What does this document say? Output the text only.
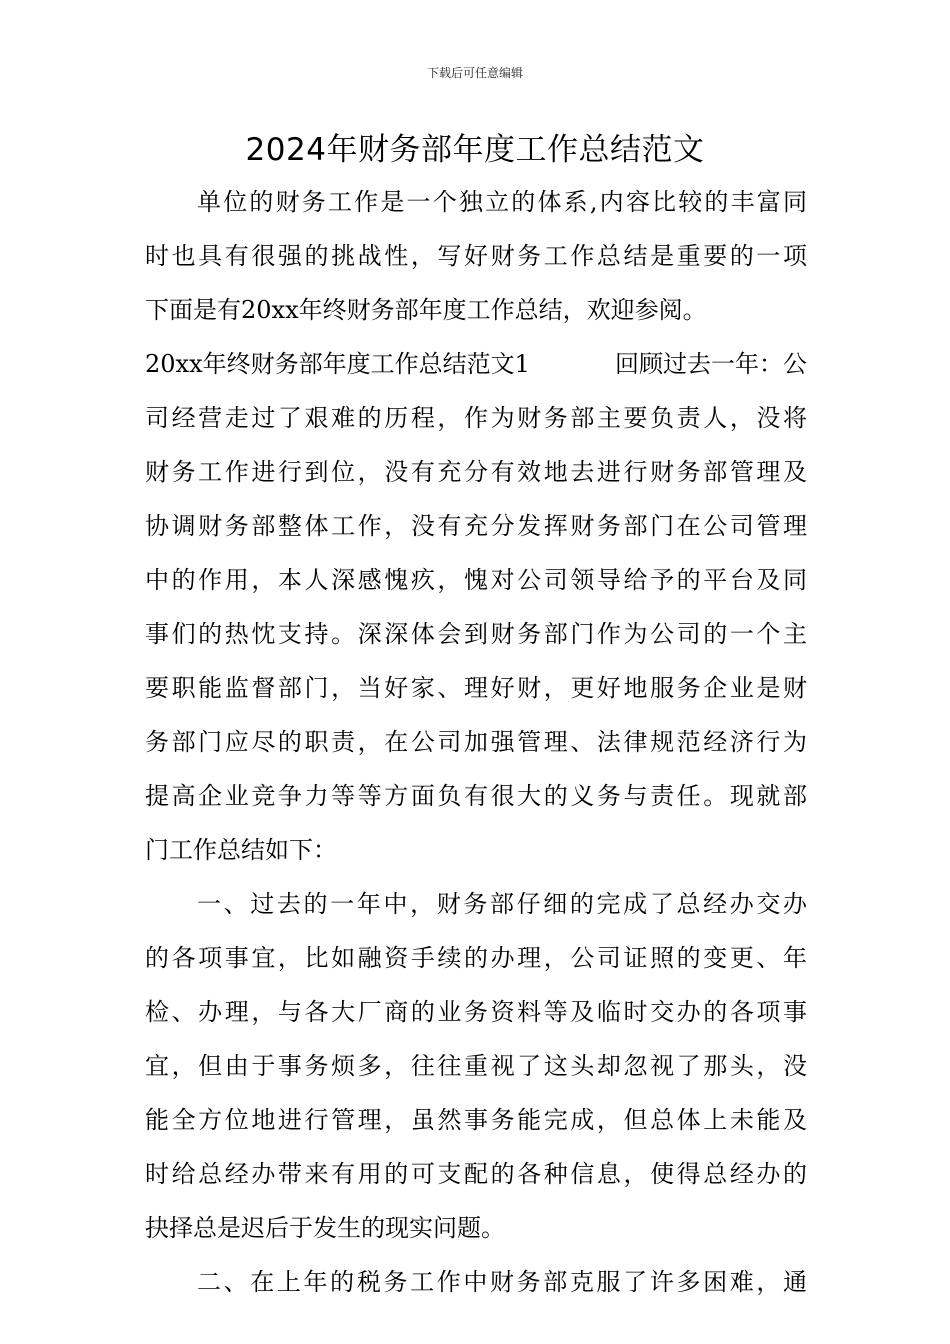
下载后可任意编辑
2024年财务部年度工作总结范文
单位的财务工作是一个独立的体系,内容比较的丰富同
时也具有很强的挑战性，写好财务工作总结是重要的一项
下面是有20xx年终财务部年度工作总结，欢迎参阅。
20xx年终财务部年度工作总结范文1	回顾过去一年：公
司经营走过了艰难的历程，作为财务部主要负责人，没将
财务工作进行到位，没有充分有效地去进行财务部管理及
协调财务部整体工作，没有充分发挥财务部门在公司管理
中的作用，本人深感愧疚，愧对公司领导给予的平台及同
事们的热忱支持。深深体会到财务部门作为公司的一个主
要职能监督部门，当好家、理好财，更好地服务企业是财
务部门应尽的职责，在公司加强管理、法律规范经济行为
提高企业竞争力等等方面负有很大的义务与责任。现就部
门工作总结如下：
一、过去的一年中，财务部仔细的完成了总经办交办
的各项事宜，比如融资手续的办理，公司证照的变更、年
检、办理，与各大厂商的业务资料等及临时交办的各项事
宜，但由于事务烦多，往往重视了这头却忽视了那头，没
能全方位地进行管理，虽然事务能完成，但总体上未能及
时给总经办带来有用的可支配的各种信息，使得总经办的
抉择总是迟后于发生的现实问题。
二、在上年的税务工作中财务部克服了许多困难，通
